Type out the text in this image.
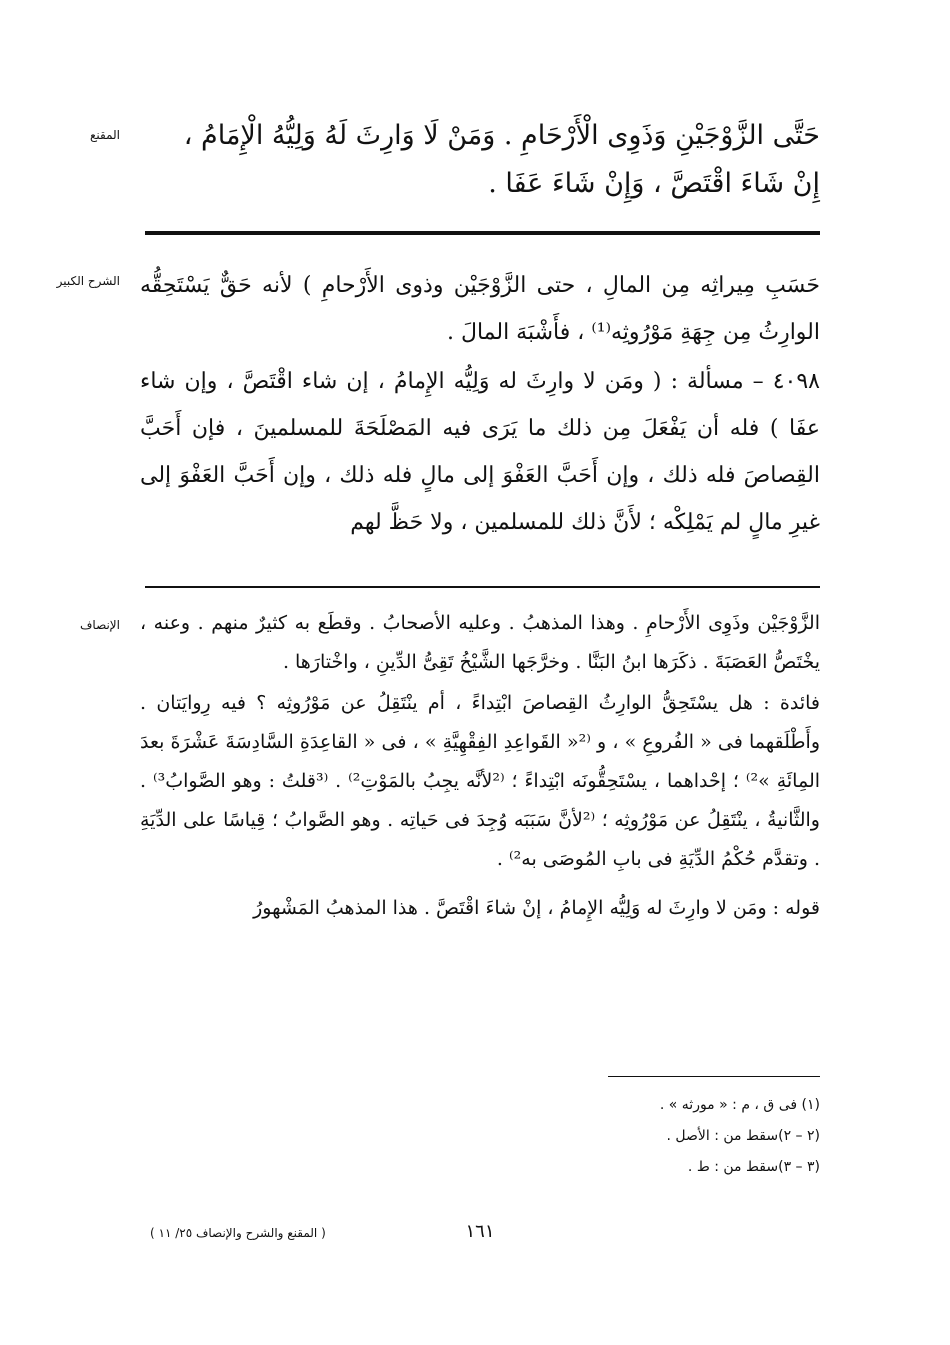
المقنع	حَتَّى الزَّوْجَيْنِ وَذَوِى الْأَرْحَامِ . وَمَنْ لَا وَارِثَ لَهُ وَلِيُّهُ الْإِمَامُ ،

إِنْ شَاءَ اقْتَصَّ ، وَإِنْ شَاءَ عَفَا .

الشرح الكبير حَسَبِ مِيراثِه مِن المالِ ، حتى الزَّوْجَيْن وذوى الأَرْحامِ ) لأنه حَقٌّ يَسْتَحِقُّه الوارِثُ مِن جِهَةِ مَوْرُوثِه⁽¹⁾ ، فأَشْبَهَ المالَ .

٤٠٩٨ – مسألة : ( ومَن لا وارِثَ له وَلِيُّه الإِمامُ ، إن شاء اقْتَصَّ ، وإن شاء عفَا ) فله أن يَفْعَلَ مِن ذلك ما يَرَى فيه المَصْلَحَةَ للمسلمينَ ، فإن أَحَبَّ القِصاصَ فله ذلك ، وإن أَحَبَّ العَفْوَ إلى مالٍ فله ذلك ، وإن أَحَبَّ العَفْوَ إلى غيرِ مالٍ لم يَمْلِكْه ؛ لأَنَّ ذلك للمسلمين ، ولا حَظَّ لهم

الإنصاف الزَّوْجَيْن وذَوِى الأَرْحامِ . وهذا المذهبُ . وعليه الأصحابُ . وقطَع به كثيرٌ منهم . وعنه ، يخْتَصُّ العَصَبَةَ . ذكَرَها ابنُ البَنَّا . وخرَّجَها الشَّيْخُ تَقِىُّ الدِّينِ ، واخْتارَها .

فائدة : هل يسْتَحِقُّ الوارِثُ القِصاصَ ابْتِداءً ، أم ينْتَقِلُ عن مَوْرُوثِه ؟ فيه رِوايَتان . وأَطْلَقهما فى « الفُروعِ » ، و ⁽²« القَواعِدِ الفِقْهِيَّةِ » ، فى « القاعِدَةِ السَّادِسَةَ عَشْرَةَ بعدَ المِائَةِ »²⁾ ؛ إحْداهما ، يسْتَحِقُّونَه ابْتِداءً ؛ ⁽²لأنَّه يجِبُ بالمَوْتِ²⁾ . ⁽³قلتُ : وهو الصَّوابُ³⁾ . والثَّانيةُ ، ينْتَقِلُ عن مَوْرُوثِه ؛ ⁽²لأنَّ سَبَبَه وُجِدَ فى حَياتِه . وهو الصَّوابُ ؛ قِياسًا على الدِّيَةِ . وتقدَّم حُكْمُ الدِّيَةِ فى بابِ المُوصَى به²⁾ .

قوله : ومَن لا وارِثَ له وَلِيُّه الإِمامُ ، إنْ شاءَ اقْتَصَّ . هذا المذهبُ المَشْهورُ

(١) فى ق ، م : « مورثه » .

(٢ – ٢)سقط من : الأصل .

(٣ – ٣)سقط من : ط .

١٦١
( المقنع والشرح والإنصاف ٢٥/ ١١ )
